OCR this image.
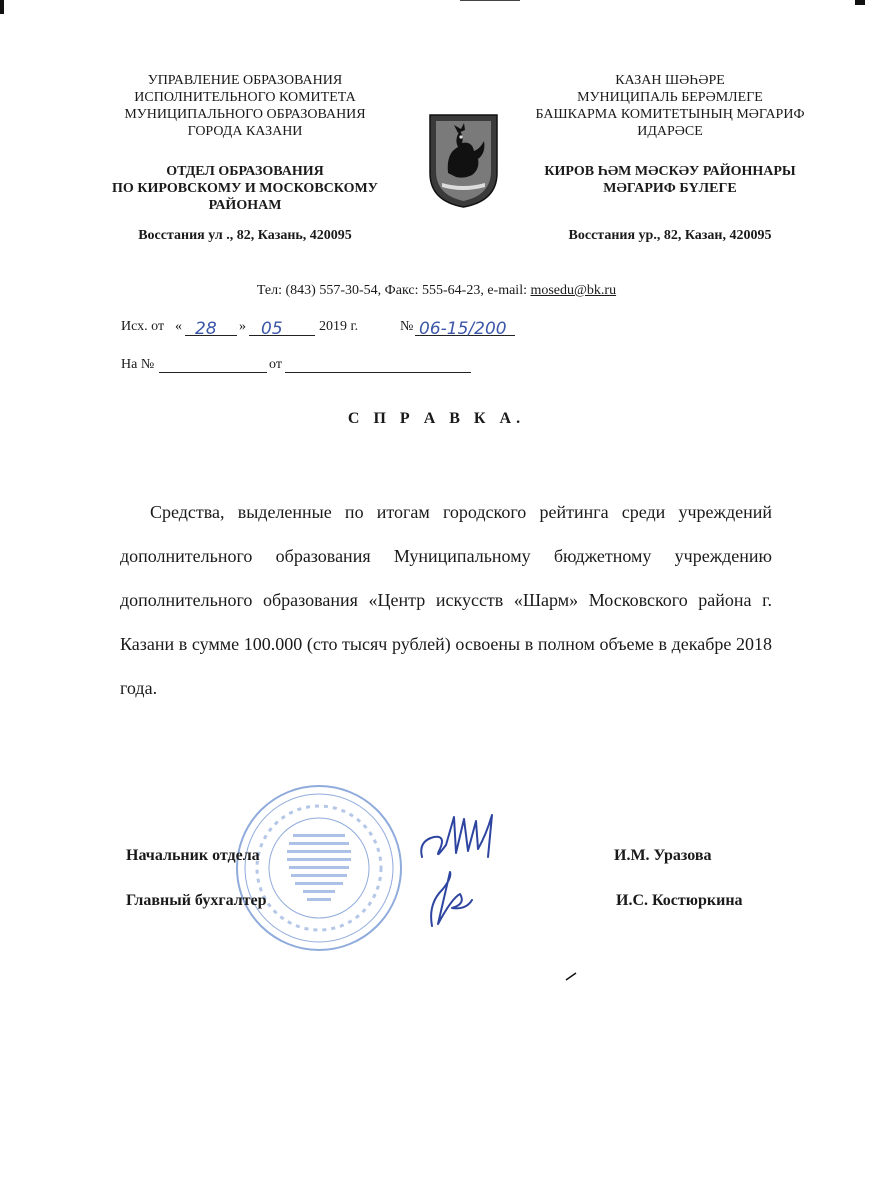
УПРАВЛЕНИЕ ОБРАЗОВАНИЯ
ИСПОЛНИТЕЛЬНОГО КОМИТЕТА
МУНИЦИПАЛЬНОГО ОБРАЗОВАНИЯ
ГОРОДА КАЗАНИ
ОТДЕЛ ОБРАЗОВАНИЯ
ПО КИРОВСКОМУ И МОСКОВСКОМУ
РАЙОНАМ
Восстания ул ., 82, Казань, 420095
КАЗАН ШӘҺӘРЕ
МУНИЦИПАЛЬ БЕРӘМЛЕГЕ
БАШКАРМА КОМИТЕТЫНЫҢ МӘГАРИФ
ИДАРӘСЕ
КИРОВ ҺӘМ МӘСКӘУ РАЙОННАРЫ
МӘГАРИФ БҮЛЕГЕ
Восстания ур., 82, Казан, 420095
Тел: (843) 557-30-54, Факс: 555-64-23, e-mail: mosedu@bk.ru
Исх. от « 28 » 05	2019 г.	№ 06-15/200
На №	от
С П Р А В К А.
Средства, выделенные по итогам городского рейтинга среди учреждений дополнительного образования Муниципальному бюджетному учреждению дополнительного образования «Центр искусств «Шарм» Московского района г. Казани в сумме 100.000 (сто тысяч рублей) освоены в полном объеме в декабре 2018 года.
Начальник отдела	И.М. Уразова
Главный бухгалтер	И.С. Костюркина
